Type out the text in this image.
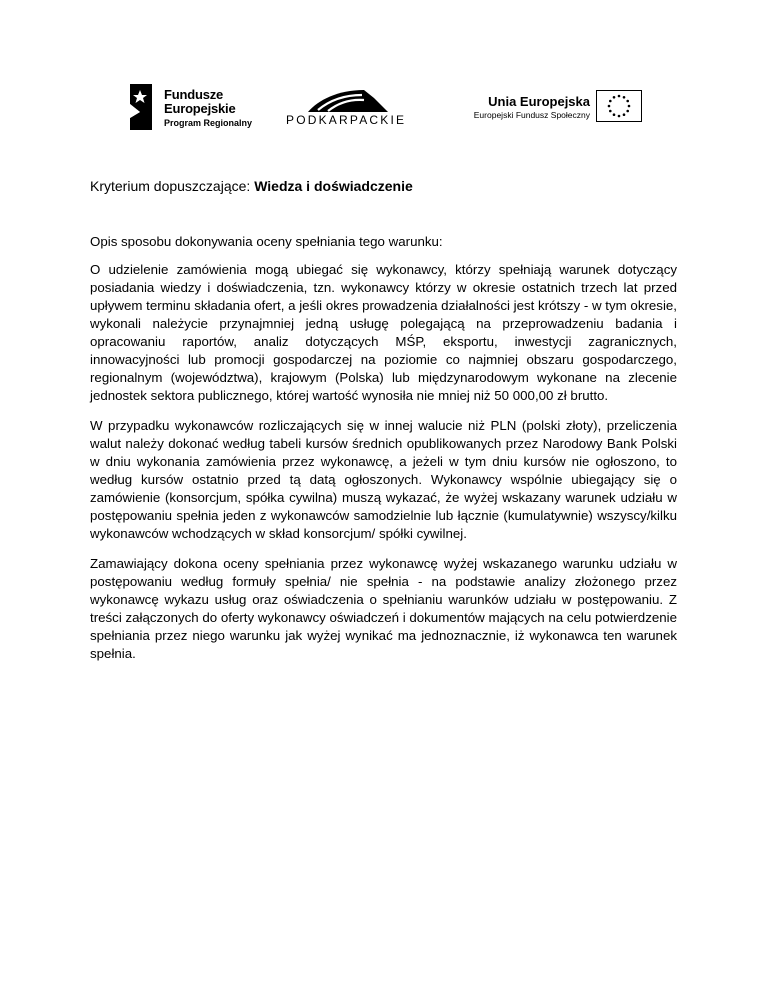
Fundusze
Europejskie
Program Regionalny	PODKARPACKIE
Unia Europejska
Europejski Fundusz Społeczny
Kryterium dopuszczające: Wiedza i doświadczenie

Opis sposobu dokonywania oceny spełniania tego warunku:

O udzielenie zamówienia mogą ubiegać się wykonawcy, którzy spełniają warunek dotyczący posiadania wiedzy i doświadczenia, tzn. wykonawcy którzy w okresie ostatnich trzech lat przed upływem terminu składania ofert, a jeśli okres prowadzenia działalności jest krótszy - w tym okresie, wykonali należycie przynajmniej jedną usługę polegającą na przeprowadzeniu badania i opracowaniu raportów, analiz dotyczących MŚP, eksportu, inwestycji zagranicznych, innowacyjności lub promocji gospodarczej na poziomie co najmniej obszaru gospodarczego, regionalnym (województwa), krajowym (Polska) lub międzynarodowym wykonane na zlecenie jednostek sektora publicznego, której wartość wynosiła nie mniej niż 50 000,00 zł brutto.

W przypadku wykonawców rozliczających się w innej walucie niż PLN (polski złoty), przeliczenia walut należy dokonać według tabeli kursów średnich opublikowanych przez Narodowy Bank Polski w dniu wykonania zamówienia przez wykonawcę, a jeżeli w tym dniu kursów nie ogłoszono, to według kursów ostatnio przed tą datą ogłoszonych. Wykonawcy wspólnie ubiegający się o zamówienie (konsorcjum, spółka cywilna) muszą wykazać, że wyżej wskazany warunek udziału w postępowaniu spełnia jeden z wykonawców samodzielnie lub łącznie (kumulatywnie) wszyscy/kilku wykonawców wchodzących w skład konsorcjum/ spółki cywilnej.

Zamawiający dokona oceny spełniania przez wykonawcę wyżej wskazanego warunku udziału w postępowaniu według formuły spełnia/ nie spełnia - na podstawie analizy złożonego przez wykonawcę wykazu usług oraz oświadczenia o spełnianiu warunków udziału w postępowaniu. Z treści załączonych do oferty wykonawcy oświadczeń i dokumentów mających na celu potwierdzenie spełniania przez niego warunku jak wyżej wynikać ma jednoznacznie, iż wykonawca ten warunek spełnia.
